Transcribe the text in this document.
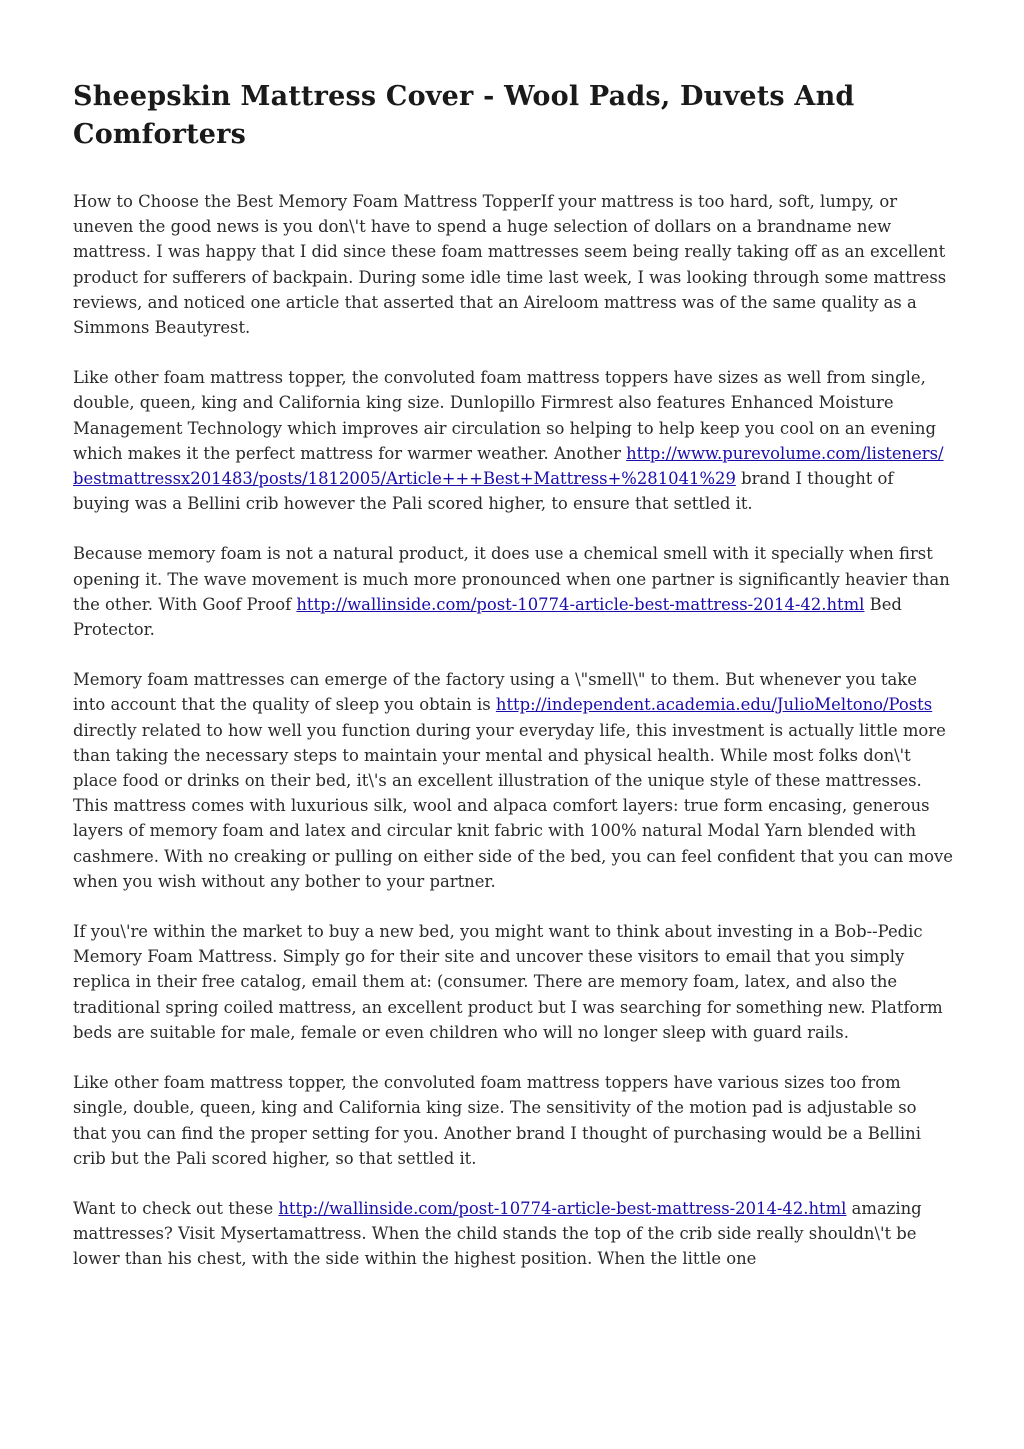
Sheepskin Mattress Cover - Wool Pads, Duvets And Comforters

How to Choose the Best Memory Foam Mattress TopperIf your mattress is too hard, soft, lumpy, or uneven the good news is you don\'t have to spend a huge selection of dollars on a brandname new mattress. I was happy that I did since these foam mattresses seem being really taking off as an excellent product for sufferers of backpain. During some idle time last week, I was looking through some mattress reviews, and noticed one article that asserted that an Aireloom mattress was of the same quality as a Simmons Beautyrest.

Like other foam mattress topper, the convoluted foam mattress toppers have sizes as well from single, double, queen, king and California king size. Dunlopillo Firmrest also features Enhanced Moisture Management Technology which improves air circulation so helping to help keep you cool on an evening which makes it the perfect mattress for warmer weather. Another http://www.purevolume.com/listeners/bestmattressx201483/posts/1812005/Article+++Best+Mattress+%281041%29 brand I thought of buying was a Bellini crib however the Pali scored higher, to ensure that settled it.

Because memory foam is not a natural product, it does use a chemical smell with it specially when first opening it. The wave movement is much more pronounced when one partner is significantly heavier than the other. With Goof Proof http://wallinside.com/post-10774-article-best-mattress-2014-42.html Bed Protector.

Memory foam mattresses can emerge of the factory using a \"smell\" to them. But whenever you take into account that the quality of sleep you obtain is http://independent.academia.edu/JulioMeltono/Posts directly related to how well you function during your everyday life, this investment is actually little more than taking the necessary steps to maintain your mental and physical health. While most folks don\'t place food or drinks on their bed, it\'s an excellent illustration of the unique style of these mattresses. This mattress comes with luxurious silk, wool and alpaca comfort layers: true form encasing, generous layers of memory foam and latex and circular knit fabric with 100% natural Modal Yarn blended with cashmere. With no creaking or pulling on either side of the bed, you can feel confident that you can move when you wish without any bother to your partner.

If you\'re within the market to buy a new bed, you might want to think about investing in a Bob--Pedic Memory Foam Mattress. Simply go for their site and uncover these visitors to email that you simply replica in their free catalog, email them at: (consumer. There are memory foam, latex, and also the traditional spring coiled mattress, an excellent product but I was searching for something new. Platform beds are suitable for male, female or even children who will no longer sleep with guard rails.

Like other foam mattress topper, the convoluted foam mattress toppers have various sizes too from single, double, queen, king and California king size. The sensitivity of the motion pad is adjustable so that you can find the proper setting for you. Another brand I thought of purchasing would be a Bellini crib but the Pali scored higher, so that settled it.

Want to check out these http://wallinside.com/post-10774-article-best-mattress-2014-42.html amazing mattresses? Visit Mysertamattress. When the child stands the top of the crib side really shouldn\'t be lower than his chest, with the side within the highest position. When the little one
